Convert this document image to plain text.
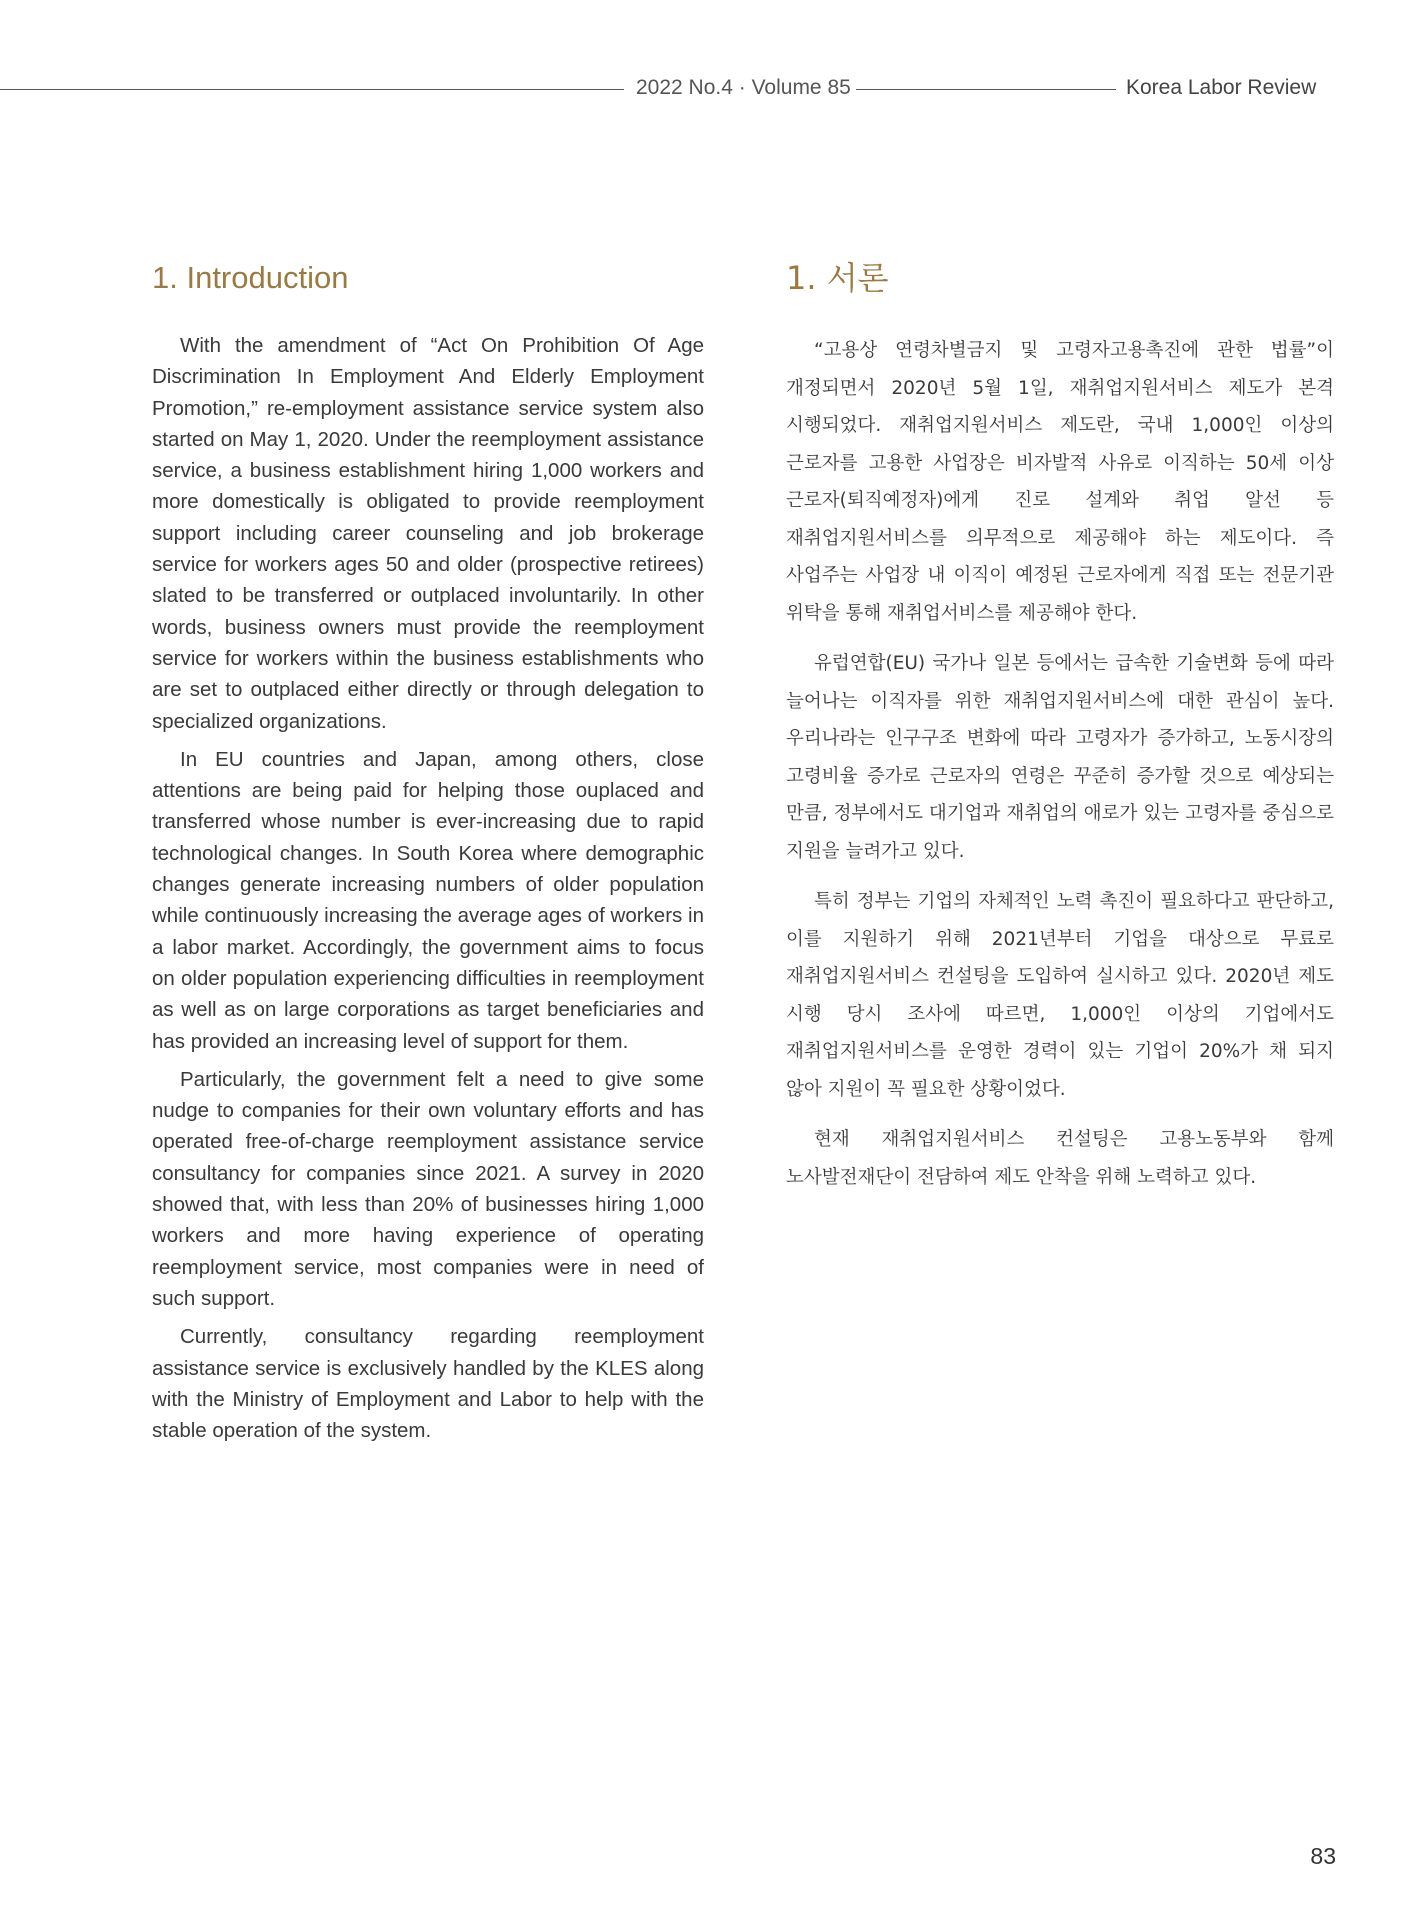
2022 No.4 · Volume 85	Korea Labor Review
1. Introduction

With the amendment of “Act On Prohibition Of Age Discrimination In Employment And Elderly Employment Promotion,” re-employment assistance service system also started on May 1, 2020. Under the reemployment assistance service, a business establishment hiring 1,000 workers and more domestically is obligated to provide reemployment support including career counseling and job brokerage service for workers ages 50 and older (prospective retirees) slated to be transferred or outplaced involuntarily. In other words, business owners must provide the reemployment service for workers within the business establishments who are set to outplaced either directly or through delegation to specialized organizations.

In EU countries and Japan, among others, close attentions are being paid for helping those ouplaced and transferred whose number is ever-increasing due to rapid technological changes. In South Korea where demographic changes generate increasing numbers of older population while continuously increasing the average ages of workers in a labor market. Accordingly, the government aims to focus on older population experiencing difficulties in reemployment as well as on large corporations as target beneficiaries and has provided an increasing level of support for them.

Particularly, the government felt a need to give some nudge to companies for their own voluntary efforts and has operated free-of-charge reemployment assistance service consultancy for companies since 2021. A survey in 2020 showed that, with less than 20% of businesses hiring 1,000 workers and more having experience of operating reemployment service, most companies were in need of such support.

Currently, consultancy regarding reemployment assistance service is exclusively handled by the KLES along with the Ministry of Employment and Labor to help with the stable operation of the system.

1. 서론

“고용상 연령차별금지 및 고령자고용촉진에 관한 법률”이 개정되면서 2020년 5월 1일, 재취업지원서비스 제도가 본격 시행되었다. 재취업지원서비스 제도란, 국내 1,000인 이상의 근로자를 고용한 사업장은 비자발적 사유로 이직하는 50세 이상 근로자(퇴직예정자)에게 진로 설계와 취업 알선 등 재취업지원서비스를 의무적으로 제공해야 하는 제도이다. 즉 사업주는 사업장 내 이직이 예정된 근로자에게 직접 또는 전문기관 위탁을 통해 재취업서비스를 제공해야 한다.

유럽연합(EU) 국가나 일본 등에서는 급속한 기술변화 등에 따라 늘어나는 이직자를 위한 재취업지원서비스에 대한 관심이 높다. 우리나라는 인구구조 변화에 따라 고령자가 증가하고, 노동시장의 고령비율 증가로 근로자의 연령은 꾸준히 증가할 것으로 예상되는 만큼, 정부에서도 대기업과 재취업의 애로가 있는 고령자를 중심으로 지원을 늘려가고 있다.

특히 정부는 기업의 자체적인 노력 촉진이 필요하다고 판단하고, 이를 지원하기 위해 2021년부터 기업을 대상으로 무료로 재취업지원서비스 컨설팅을 도입하여 실시하고 있다. 2020년 제도 시행 당시 조사에 따르면, 1,000인 이상의 기업에서도 재취업지원서비스를 운영한 경력이 있는 기업이 20%가 채 되지 않아 지원이 꼭 필요한 상황이었다.

현재 재취업지원서비스 컨설팅은 고용노동부와 함께 노사발전재단이 전담하여 제도 안착을 위해 노력하고 있다.

83
